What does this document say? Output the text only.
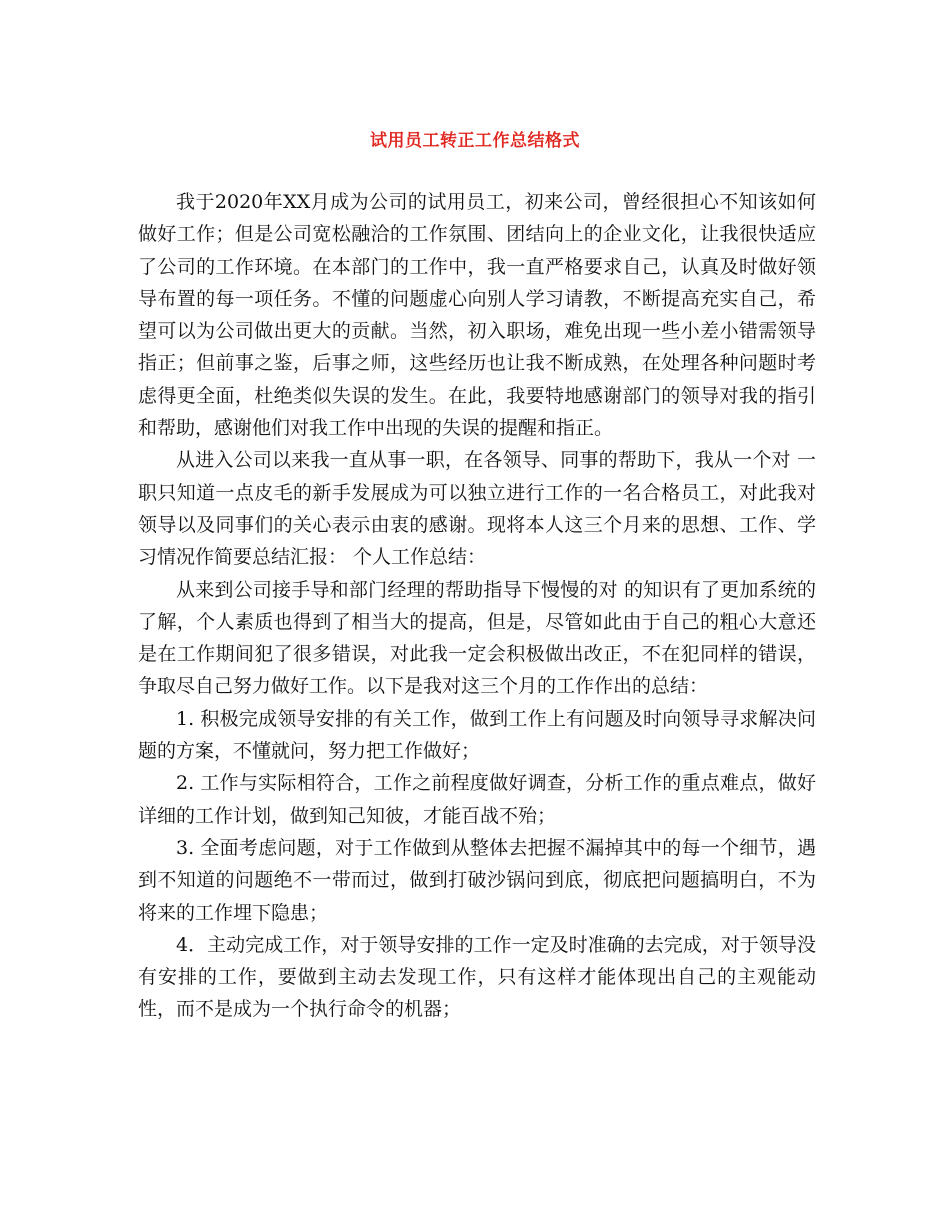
试用员工转正工作总结格式

我于2020年XX月成为公司的试用员工，初来公司，曾经很担心不知该如何做好工作；但是公司宽松融洽的工作氛围、团结向上的企业文化，让我很快适应了公司的工作环境。在本部门的工作中，我一直严格要求自己，认真及时做好领导布置的每一项任务。不懂的问题虚心向别人学习请教，不断提高充实自己，希望可以为公司做出更大的贡献。当然，初入职场，难免出现一些小差小错需领导指正；但前事之鉴，后事之师，这些经历也让我不断成熟，在处理各种问题时考虑得更全面，杜绝类似失误的发生。在此，我要特地感谢部门的领导对我的指引和帮助，感谢他们对我工作中出现的失误的提醒和指正。

从进入公司以来我一直从事一职，在各领导、同事的帮助下，我从一个对 一职只知道一点皮毛的新手发展成为可以独立进行工作的一名合格员工，对此我对领导以及同事们的关心表示由衷的感谢。现将本人这三个月来的思想、工作、学习情况作简要总结汇报： 个人工作总结：

从来到公司接手导和部门经理的帮助指导下慢慢的对 的知识有了更加系统的了解，个人素质也得到了相当大的提高，但是，尽管如此由于自己的粗心大意还是在工作期间犯了很多错误，对此我一定会积极做出改正，不在犯同样的错误，争取尽自己努力做好工作。以下是我对这三个月的工作作出的总结：

1. 积极完成领导安排的有关工作，做到工作上有问题及时向领导寻求解决问题的方案，不懂就问，努力把工作做好；

2. 工作与实际相符合，工作之前程度做好调查，分析工作的重点难点，做好详细的工作计划，做到知己知彼，才能百战不殆；

3. 全面考虑问题，对于工作做到从整体去把握不漏掉其中的每一个细节，遇到不知道的问题绝不一带而过，做到打破沙锅问到底，彻底把问题搞明白，不为将来的工作埋下隐患；

4．主动完成工作，对于领导安排的工作一定及时准确的去完成，对于领导没有安排的工作，要做到主动去发现工作，只有这样才能体现出自己的主观能动性，而不是成为一个执行命令的机器；
